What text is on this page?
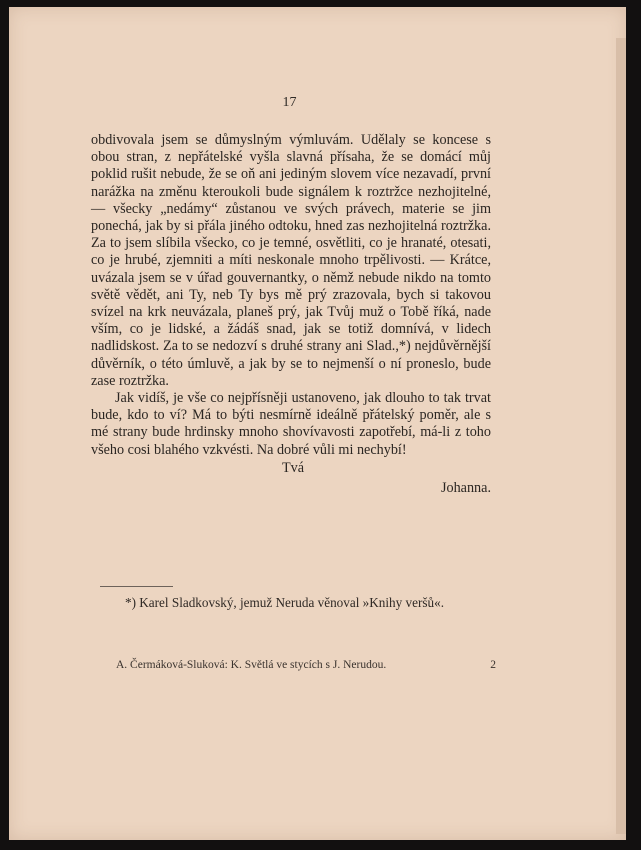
17

obdivovala jsem se důmyslným výmluvám. Udělaly se koncese s obou stran, z nepřátelské vyšla slavná přísaha, že se domácí můj poklid rušit nebude, že se oň ani jediným slovem více nezavadí, první narážka na změnu kteroukoli bude signálem k roztržce nezhojitelné, — všecky „nedámy“ zůstanou ve svých právech, materie se jim ponechá, jak by si přála jiného odtoku, hned zas nezhojitelná roztržka. Za to jsem slíbila všecko, co je temné, osvětliti, co je hranaté, otesati, co je hrubé, zjemniti a míti neskonale mnoho trpělivosti. — Krátce, uvázala jsem se v úřad gouvernantky, o němž nebude nikdo na tomto světě vědět, ani Ty, neb Ty bys mě prý zrazovala, bych si takovou svízel na krk neuvázala, planeš prý, jak Tvůj muž o Tobě říká, nade vším, co je lidské, a žádáš snad, jak se totiž domnívá, v lidech nadlidskost. Za to se nedozví s druhé strany ani Slad.,*) nejdůvěrnější důvěrník, o této úmluvě, a jak by se to nejmenší o ní proneslo, bude zase roztržka.

Jak vidíš, je vše co nejpřísněji ustanoveno, jak dlouho to tak trvat bude, kdo to ví? Má to býti nesmírně ideálně přátelský poměr, ale s mé strany bude hrdinsky mnoho shovívavosti zapotřebí, má-li z toho všeho cosi blahého vzkvésti. Na dobré vůli mi nechybí!

Tvá
Johanna.
*) Karel Sladkovský, jemuž Neruda věnoval »Knihy veršů«.
A. Čermáková-Sluková: K. Světlá ve stycích s J. Nerudou.	2
